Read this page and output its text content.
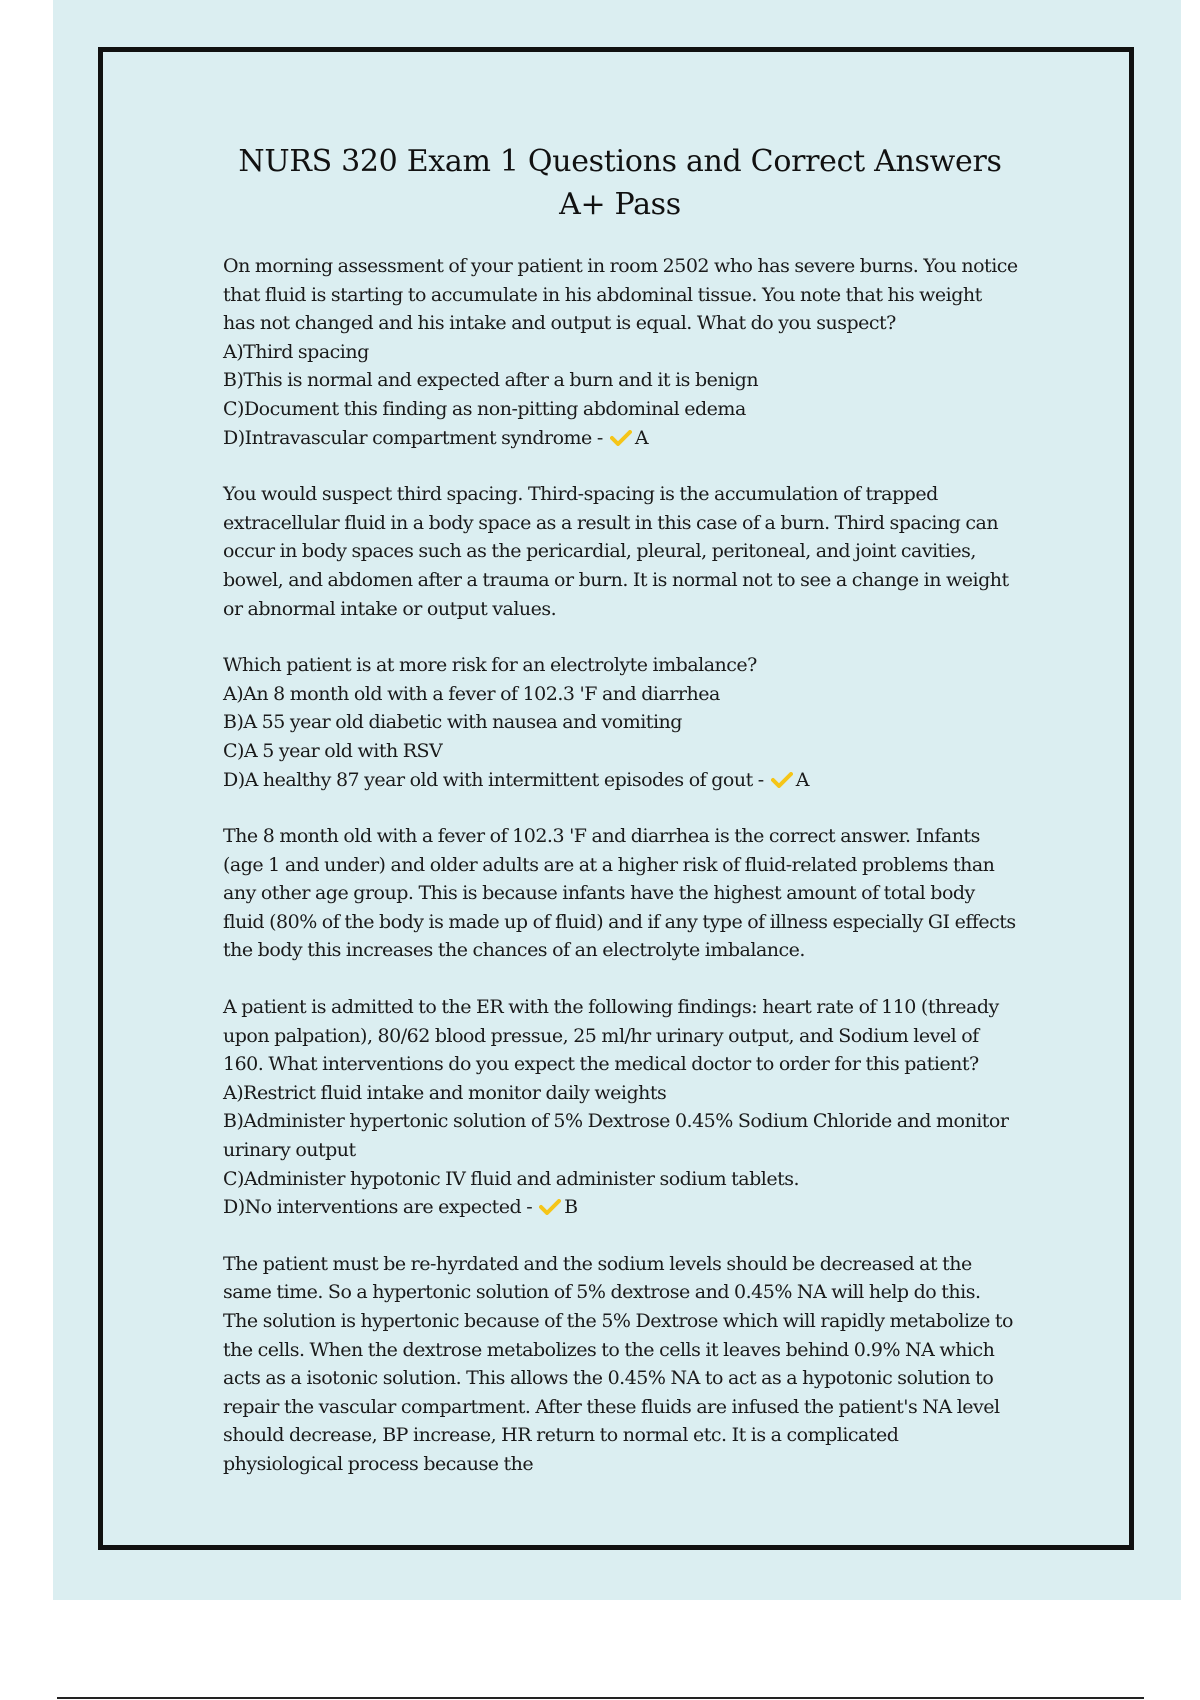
NURS 320 Exam 1 Questions and Correct Answers A+ Pass

On morning assessment of your patient in room 2502 who has severe burns. You notice that fluid is starting to accumulate in his abdominal tissue. You note that his weight has not changed and his intake and output is equal. What do you suspect?

A)Third spacing

B)This is normal and expected after a burn and it is benign

C)Document this finding as non-pitting abdominal edema

D)Intravascular compartment syndrome - A

You would suspect third spacing. Third-spacing is the accumulation of trapped extracellular fluid in a body space as a result in this case of a burn. Third spacing can occur in body spaces such as the pericardial, pleural, peritoneal, and joint cavities, bowel, and abdomen after a trauma or burn. It is normal not to see a change in weight or abnormal intake or output values.

Which patient is at more risk for an electrolyte imbalance?

A)An 8 month old with a fever of 102.3 'F and diarrhea

B)A 55 year old diabetic with nausea and vomiting

C)A 5 year old with RSV

D)A healthy 87 year old with intermittent episodes of gout - A

The 8 month old with a fever of 102.3 'F and diarrhea is the correct answer. Infants (age 1 and under) and older adults are at a higher risk of fluid-related problems than any other age group. This is because infants have the highest amount of total body fluid (80% of the body is made up of fluid) and if any type of illness especially GI effects the body this increases the chances of an electrolyte imbalance.

A patient is admitted to the ER with the following findings: heart rate of 110 (thready upon palpation), 80/62 blood pressue, 25 ml/hr urinary output, and Sodium level of 160. What interventions do you expect the medical doctor to order for this patient?

A)Restrict fluid intake and monitor daily weights

B)Administer hypertonic solution of 5% Dextrose 0.45% Sodium Chloride and monitor urinary output

C)Administer hypotonic IV fluid and administer sodium tablets.

D)No interventions are expected - B

The patient must be re-hyrdated and the sodium levels should be decreased at the same time. So a hypertonic solution of 5% dextrose and 0.45% NA will help do this. The solution is hypertonic because of the 5% Dextrose which will rapidly metabolize to the cells. When the dextrose metabolizes to the cells it leaves behind 0.9% NA which acts as a isotonic solution. This allows the 0.45% NA to act as a hypotonic solution to repair the vascular compartment. After these fluids are infused the patient's NA level should decrease, BP increase, HR return to normal etc. It is a complicated physiological process because the
